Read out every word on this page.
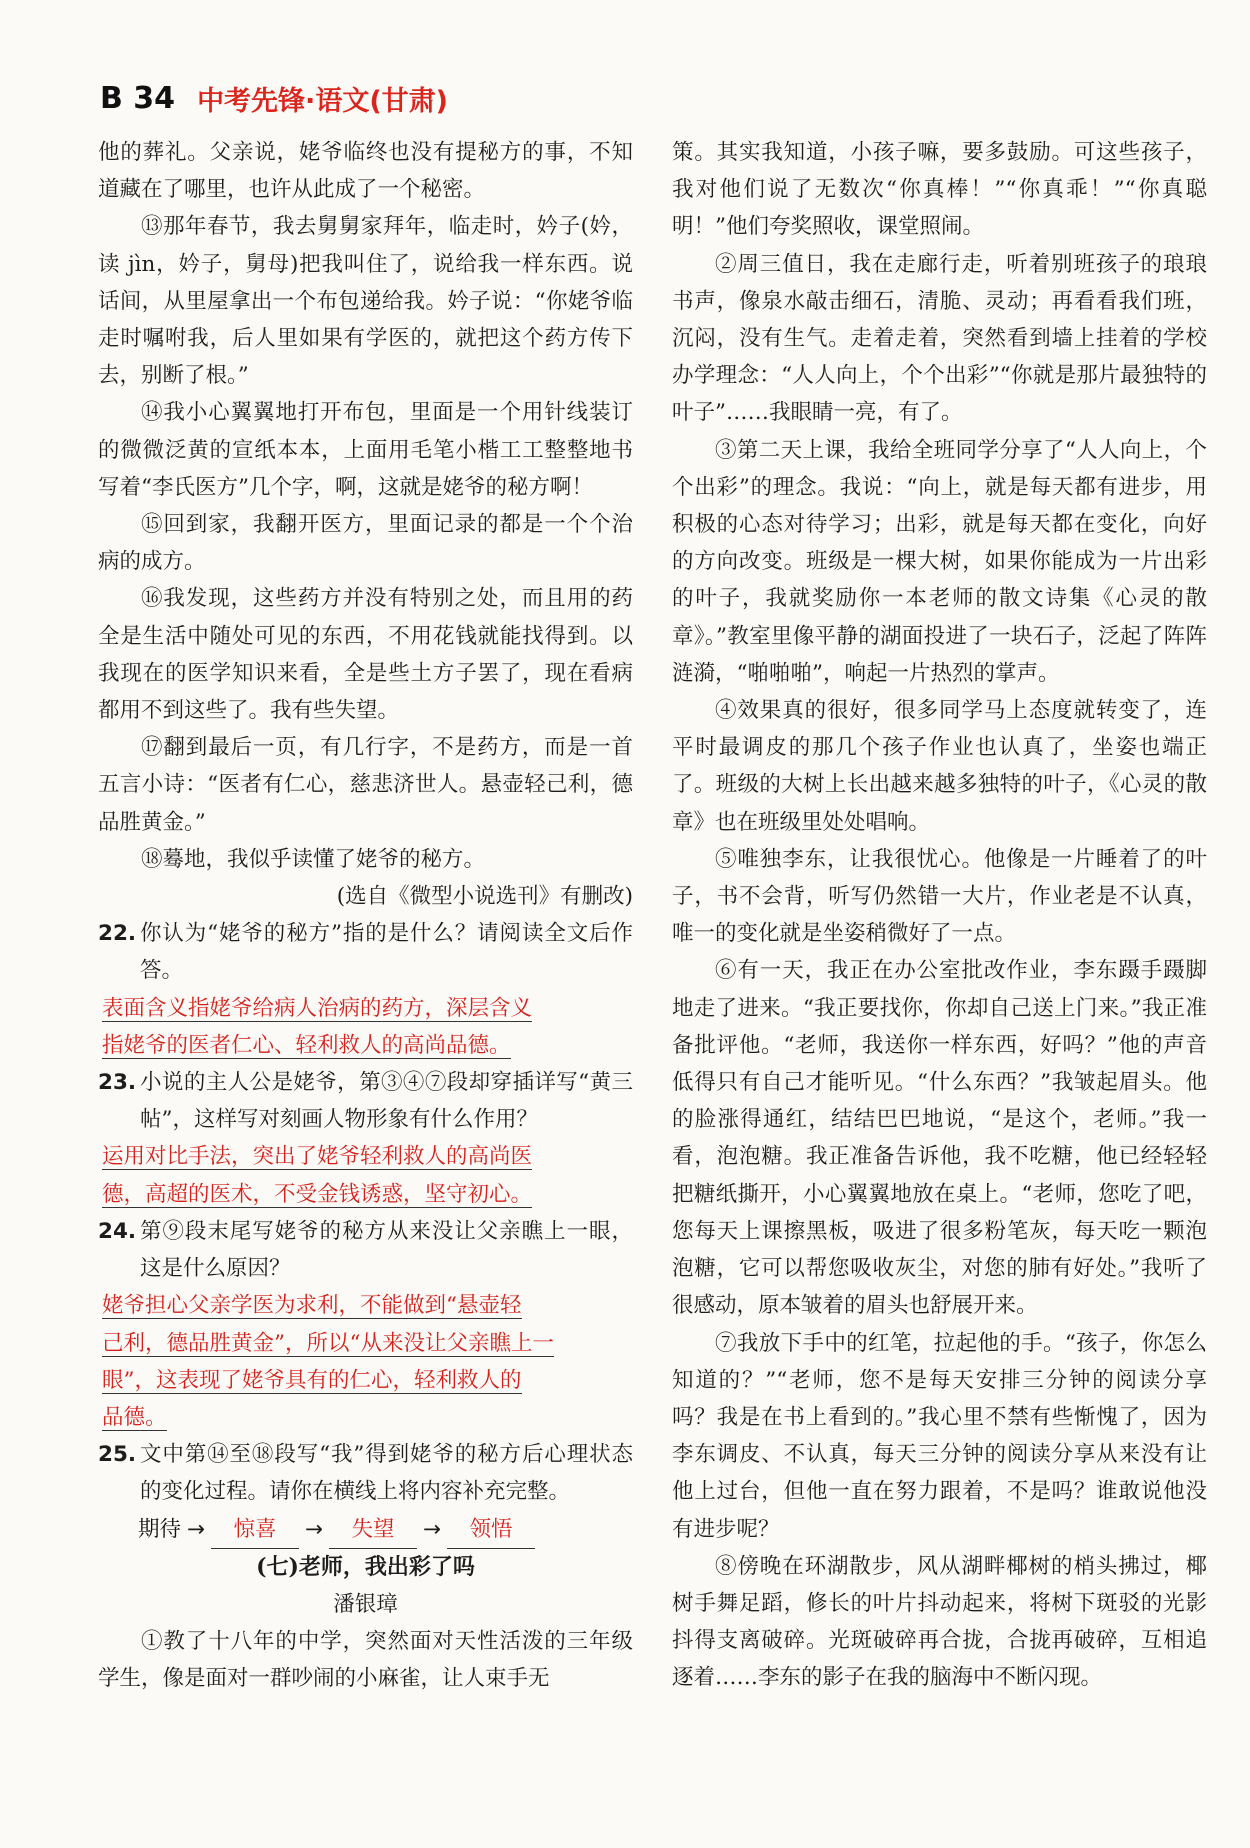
B 34 中考先锋·语文(甘肃)

他的葬礼。父亲说，姥爷临终也没有提秘方的事，不知道藏在了哪里，也许从此成了一个秘密。

⑬那年春节，我去舅舅家拜年，临走时，妗子(妗，读 jìn，妗子，舅母)把我叫住了，说给我一样东西。说话间，从里屋拿出一个布包递给我。妗子说：“你姥爷临走时嘱咐我，后人里如果有学医的，就把这个药方传下去，别断了根。”

⑭我小心翼翼地打开布包，里面是一个用针线装订的微微泛黄的宣纸本本，上面用毛笔小楷工工整整地书写着“李氏医方”几个字，啊，这就是姥爷的秘方啊！

⑮回到家，我翻开医方，里面记录的都是一个个治病的成方。

⑯我发现，这些药方并没有特别之处，而且用的药全是生活中随处可见的东西，不用花钱就能找得到。以我现在的医学知识来看，全是些土方子罢了，现在看病都用不到这些了。我有些失望。

⑰翻到最后一页，有几行字，不是药方，而是一首五言小诗：“医者有仁心，慈悲济世人。悬壶轻己利，德品胜黄金。”

⑱蓦地，我似乎读懂了姥爷的秘方。

(选自《微型小说选刊》有删改)

22. 你认为“姥爷的秘方”指的是什么？请阅读全文后作答。

表面含义指姥爷给病人治病的药方，深层含义

指姥爷的医者仁心、轻利救人的高尚品德。

23. 小说的主人公是姥爷，第③④⑦段却穿插详写“黄三帖”，这样写对刻画人物形象有什么作用？

运用对比手法，突出了姥爷轻利救人的高尚医

德，高超的医术，不受金钱诱惑，坚守初心。

24. 第⑨段末尾写姥爷的秘方从来没让父亲瞧上一眼，这是什么原因？

姥爷担心父亲学医为求利，不能做到“悬壶轻

己利，德品胜黄金”，所以“从来没让父亲瞧上一

眼”，这表现了姥爷具有的仁心，轻利救人的

品德。

25. 文中第⑭至⑱段写“我”得到姥爷的秘方后心理状态的变化过程。请你在横线上将内容补充完整。
期待 →	惊喜	→	失望	→	领悟

(七)老师，我出彩了吗

潘银璋

①教了十八年的中学，突然面对天性活泼的三年级学生，像是面对一群吵闹的小麻雀，让人束手无

策。其实我知道，小孩子嘛，要多鼓励。可这些孩子，我对他们说了无数次“你真棒！”“你真乖！”“你真聪明！”他们夸奖照收，课堂照闹。

②周三值日，我在走廊行走，听着别班孩子的琅琅书声，像泉水敲击细石，清脆、灵动；再看看我们班，沉闷，没有生气。走着走着，突然看到墙上挂着的学校办学理念：“人人向上，个个出彩”“你就是那片最独特的叶子”……我眼睛一亮，有了。

③第二天上课，我给全班同学分享了“人人向上，个个出彩”的理念。我说：“向上，就是每天都有进步，用积极的心态对待学习；出彩，就是每天都在变化，向好的方向改变。班级是一棵大树，如果你能成为一片出彩的叶子，我就奖励你一本老师的散文诗集《心灵的散章》。”教室里像平静的湖面投进了一块石子，泛起了阵阵涟漪，“啪啪啪”，响起一片热烈的掌声。

④效果真的很好，很多同学马上态度就转变了，连平时最调皮的那几个孩子作业也认真了，坐姿也端正了。班级的大树上长出越来越多独特的叶子，《心灵的散章》也在班级里处处唱响。

⑤唯独李东，让我很忧心。他像是一片睡着了的叶子，书不会背，听写仍然错一大片，作业老是不认真，唯一的变化就是坐姿稍微好了一点。

⑥有一天，我正在办公室批改作业，李东蹑手蹑脚地走了进来。“我正要找你，你却自己送上门来。”我正准备批评他。“老师，我送你一样东西，好吗？”他的声音低得只有自己才能听见。“什么东西？”我皱起眉头。他的脸涨得通红，结结巴巴地说，“是这个，老师。”我一看，泡泡糖。我正准备告诉他，我不吃糖，他已经轻轻把糖纸撕开，小心翼翼地放在桌上。“老师，您吃了吧，您每天上课擦黑板，吸进了很多粉笔灰，每天吃一颗泡泡糖，它可以帮您吸收灰尘，对您的肺有好处。”我听了很感动，原本皱着的眉头也舒展开来。

⑦我放下手中的红笔，拉起他的手。“孩子，你怎么知道的？”“老师，您不是每天安排三分钟的阅读分享吗？我是在书上看到的。”我心里不禁有些惭愧了，因为李东调皮、不认真，每天三分钟的阅读分享从来没有让他上过台，但他一直在努力跟着，不是吗？谁敢说他没有进步呢？

⑧傍晚在环湖散步，风从湖畔椰树的梢头拂过，椰树手舞足蹈，修长的叶片抖动起来，将树下斑驳的光影抖得支离破碎。光斑破碎再合拢，合拢再破碎，互相追逐着……李东的影子在我的脑海中不断闪现。
